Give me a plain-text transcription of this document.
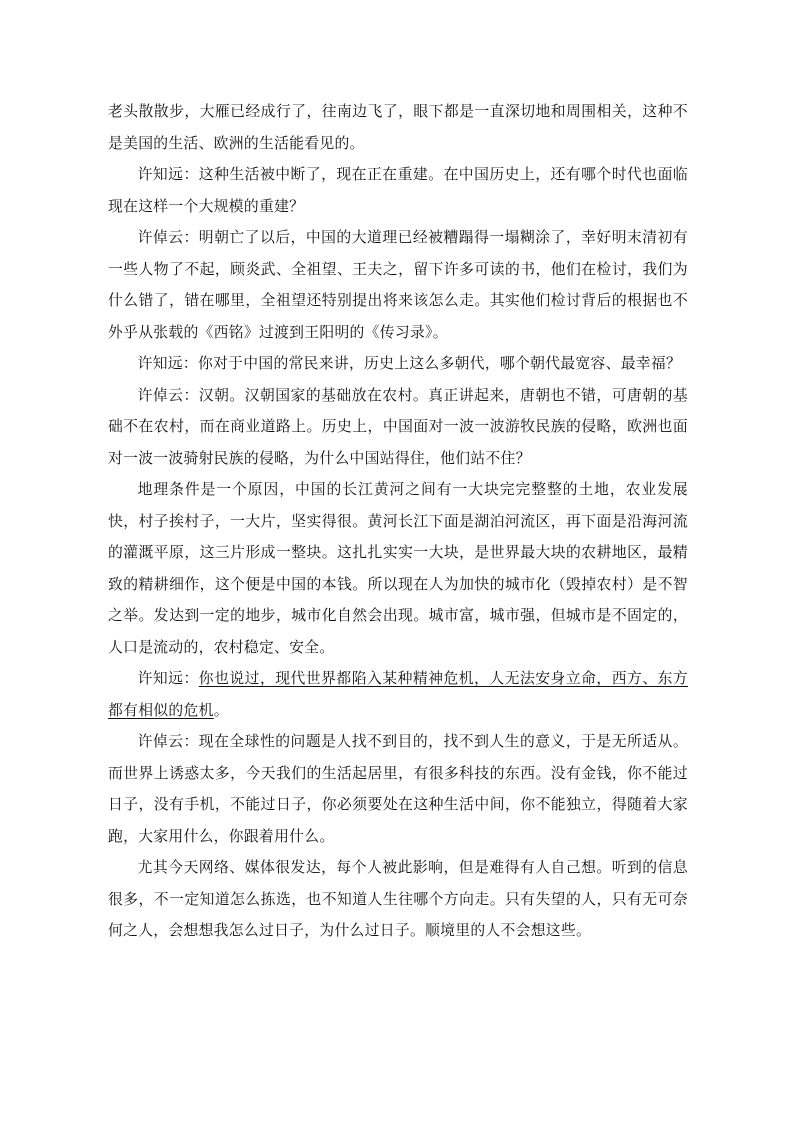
老头散散步，大雁已经成行了，往南边飞了，眼下都是一直深切地和周围相关，这种不是美国的生活、欧洲的生活能看见的。

许知远：这种生活被中断了，现在正在重建。在中国历史上，还有哪个时代也面临现在这样一个大规模的重建？

许倬云：明朝亡了以后，中国的大道理已经被糟蹋得一塌糊涂了，幸好明末清初有一些人物了不起，顾炎武、全祖望、王夫之，留下许多可读的书，他们在检讨，我们为什么错了，错在哪里，全祖望还特别提出将来该怎么走。其实他们检讨背后的根据也不外乎从张载的《西铭》过渡到王阳明的《传习录》。

许知远：你对于中国的常民来讲，历史上这么多朝代，哪个朝代最宽容、最幸福？

许倬云：汉朝。汉朝国家的基础放在农村。真正讲起来，唐朝也不错，可唐朝的基础不在农村，而在商业道路上。历史上，中国面对一波一波游牧民族的侵略，欧洲也面对一波一波骑射民族的侵略，为什么中国站得住，他们站不住？

地理条件是一个原因，中国的长江黄河之间有一大块完完整整的土地，农业发展快，村子挨村子，一大片，坚实得很。黄河长江下面是湖泊河流区，再下面是沿海河流的灌溉平原，这三片形成一整块。这扎扎实实一大块，是世界最大块的农耕地区，最精致的精耕细作，这个便是中国的本钱。所以现在人为加快的城市化（毁掉农村）是不智之举。发达到一定的地步，城市化自然会出现。城市富，城市强，但城市是不固定的，人口是流动的，农村稳定、安全。

许知远：你也说过，现代世界都陷入某种精神危机，人无法安身立命，西方、东方都有相似的危机。

许倬云：现在全球性的问题是人找不到目的，找不到人生的意义，于是无所适从。而世界上诱惑太多，今天我们的生活起居里，有很多科技的东西。没有金钱，你不能过日子，没有手机，不能过日子，你必须要处在这种生活中间，你不能独立，得随着大家跑，大家用什么，你跟着用什么。

尤其今天网络、媒体很发达，每个人被此影响，但是难得有人自己想。听到的信息很多，不一定知道怎么拣选，也不知道人生往哪个方向走。只有失望的人，只有无可奈何之人，会想想我怎么过日子，为什么过日子。顺境里的人不会想这些。
